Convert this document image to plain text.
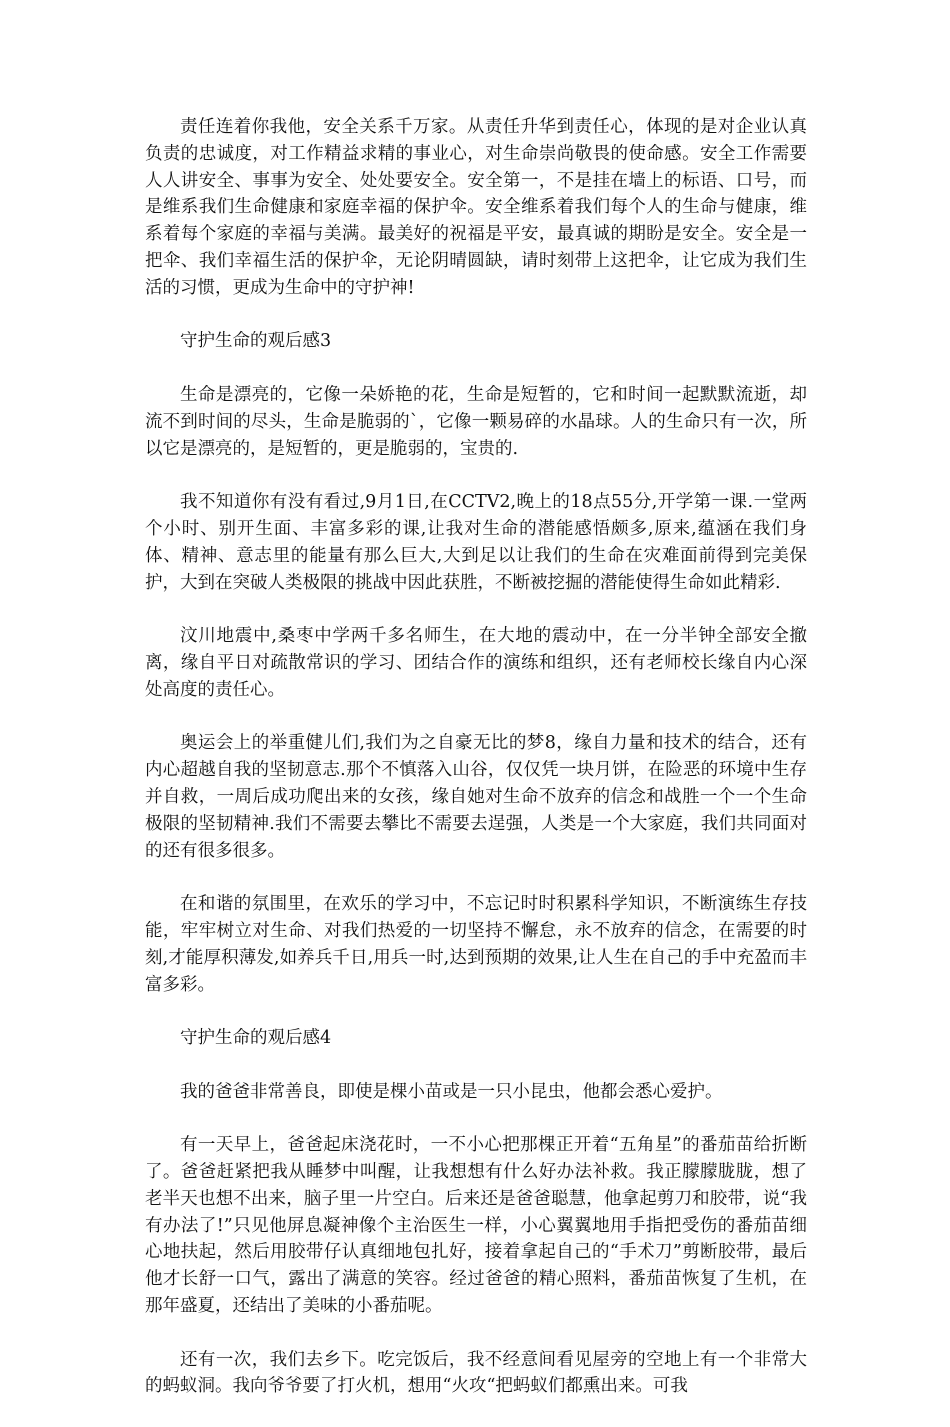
责任连着你我他，安全关系千万家。从责任升华到责任心，体现的是对企业认真负责的忠诚度，对工作精益求精的事业心，对生命崇尚敬畏的使命感。安全工作需要人人讲安全、事事为安全、处处要安全。安全第一，不是挂在墙上的标语、口号，而是维系我们生命健康和家庭幸福的保护伞。安全维系着我们每个人的生命与健康，维系着每个家庭的幸福与美满。最美好的祝福是平安，最真诚的期盼是安全。安全是一把伞、我们幸福生活的保护伞，无论阴晴圆缺，请时刻带上这把伞，让它成为我们生活的习惯，更成为生命中的守护神!

守护生命的观后感3

生命是漂亮的，它像一朵娇艳的花，生命是短暂的，它和时间一起默默流逝，却流不到时间的尽头，生命是脆弱的`，它像一颗易碎的水晶球。人的生命只有一次，所以它是漂亮的，是短暂的，更是脆弱的，宝贵的.

我不知道你有没有看过,9月1日,在CCTV2,晚上的18点55分,开学第一课.一堂两个小时、别开生面、丰富多彩的课,让我对生命的潜能感悟颇多,原来,蕴涵在我们身体、精神、意志里的能量有那么巨大,大到足以让我们的生命在灾难面前得到完美保护，大到在突破人类极限的挑战中因此获胜，不断被挖掘的潜能使得生命如此精彩.

汶川地震中,桑枣中学两千多名师生，在大地的震动中，在一分半钟全部安全撤离，缘自平日对疏散常识的学习、团结合作的演练和组织，还有老师校长缘自内心深处高度的责任心。

奥运会上的举重健儿们,我们为之自豪无比的梦8，缘自力量和技术的结合，还有内心超越自我的坚韧意志.那个不慎落入山谷，仅仅凭一块月饼，在险恶的环境中生存并自救，一周后成功爬出来的女孩，缘自她对生命不放弃的信念和战胜一个一个生命极限的坚韧精神.我们不需要去攀比不需要去逞强，人类是一个大家庭，我们共同面对的还有很多很多。

在和谐的氛围里，在欢乐的学习中，不忘记时时积累科学知识，不断演练生存技能，牢牢树立对生命、对我们热爱的一切坚持不懈怠，永不放弃的信念，在需要的时刻,才能厚积薄发,如养兵千日,用兵一时,达到预期的效果,让人生在自己的手中充盈而丰富多彩。

守护生命的观后感4

我的爸爸非常善良，即使是棵小苗或是一只小昆虫，他都会悉心爱护。

有一天早上，爸爸起床浇花时，一不小心把那棵正开着“五角星”的番茄苗给折断了。爸爸赶紧把我从睡梦中叫醒，让我想想有什么好办法补救。我正朦朦胧胧，想了老半天也想不出来，脑子里一片空白。后来还是爸爸聪慧，他拿起剪刀和胶带，说“我有办法了!”只见他屏息凝神像个主治医生一样，小心翼翼地用手指把受伤的番茄苗细心地扶起，然后用胶带仔认真细地包扎好，接着拿起自己的“手术刀”剪断胶带，最后他才长舒一口气，露出了满意的笑容。经过爸爸的精心照料，番茄苗恢复了生机，在那年盛夏，还结出了美味的小番茄呢。

还有一次，我们去乡下。吃完饭后，我不经意间看见屋旁的空地上有一个非常大的蚂蚁洞。我向爷爷要了打火机，想用“火攻“把蚂蚁们都熏出来。可我
